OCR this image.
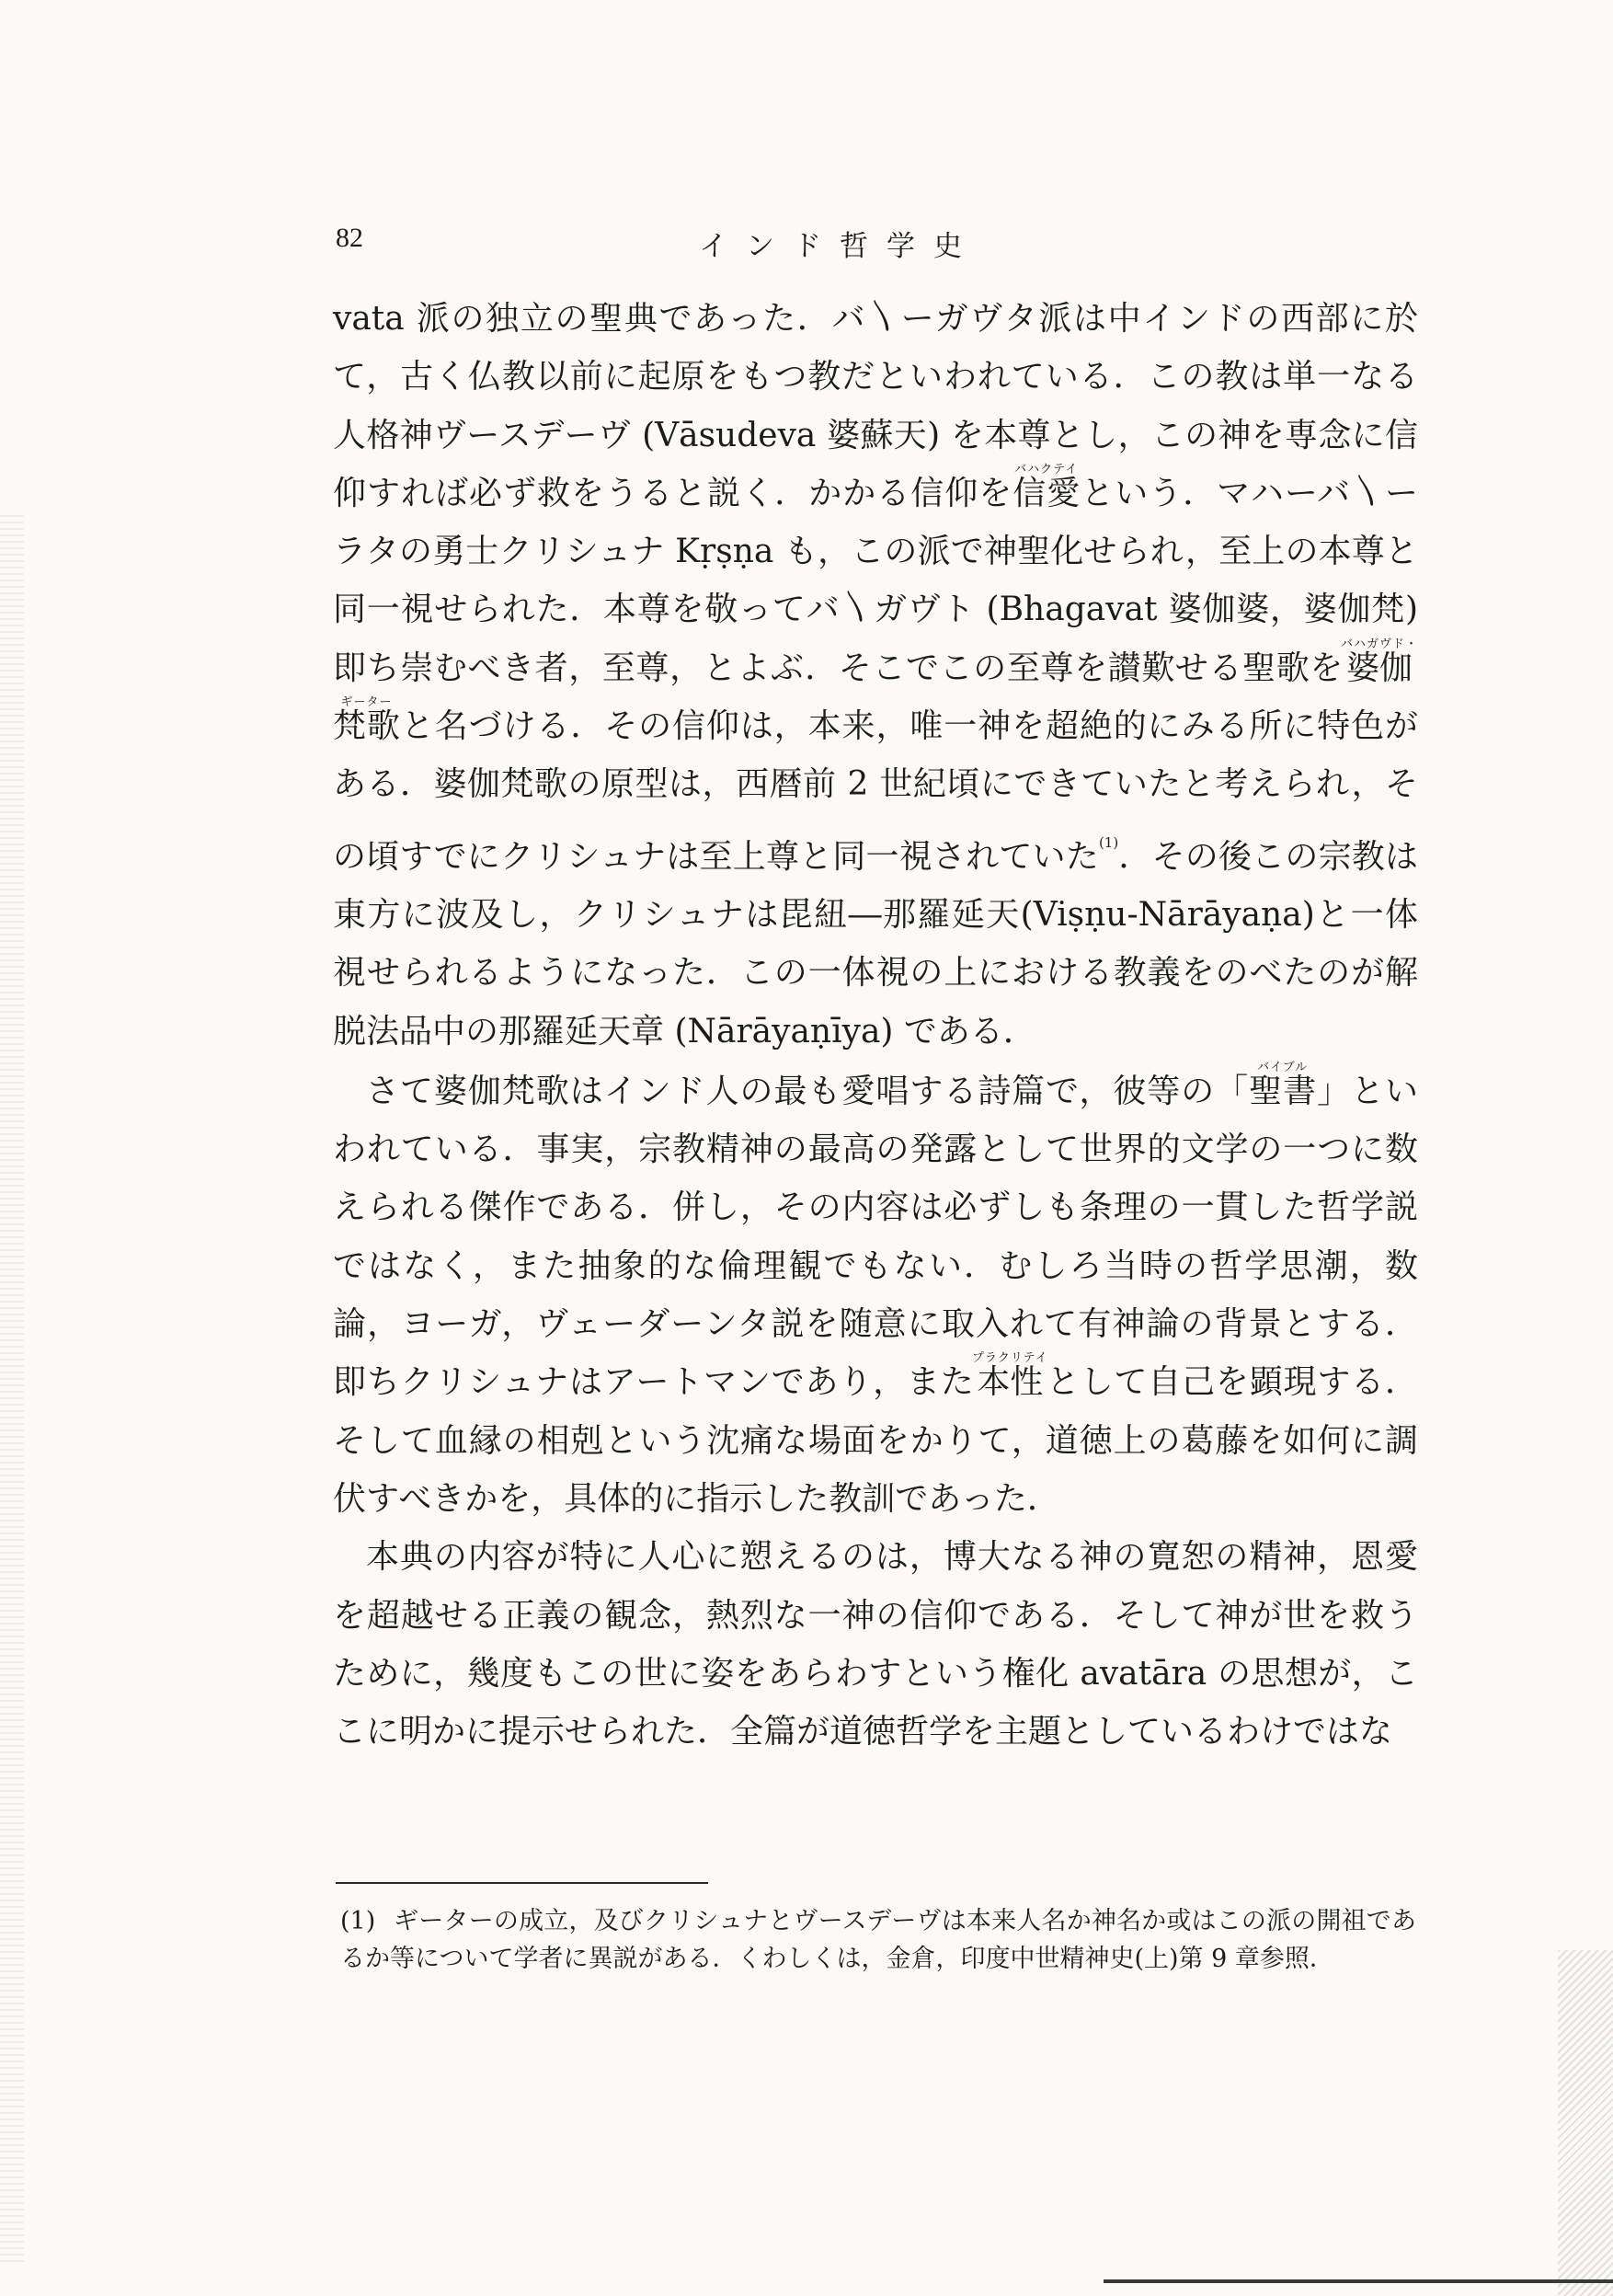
82	インド哲学史

vata 派の独立の聖典であった．バ〵ーガヴタ派は中インドの西部に於て，古く仏教以前に起原をもつ教だといわれている．この教は単一なる人格神ヴースデーヴ (Vāsudeva 婆蘇天) を本尊とし，この神を専念に信仰すれば必ず救をうると説く．かかる信仰を信愛バハクテイという．マハーバ〵ーラタの勇士クリシュナ Kṛṣṇa も，この派で神聖化せられ，至上の本尊と同一視せられた．本尊を敬ってバ〵ガヴト (Bhagavat 婆伽婆，婆伽梵) 即ち崇むべき者，至尊，とよぶ．そこでこの至尊を讃歎せる聖歌を婆伽梵歌バハガヴド・ギーターと名づける．その信仰は，本来，唯一神を超絶的にみる所に特色がある．婆伽梵歌の原型は，西暦前 2 世紀頃にできていたと考えられ，その頃すでにクリシュナは至上尊と同一視されていた$^{(1)}$．その後この宗教は東方に波及し，クリシュナは毘紐―那羅延天(Viṣṇu-Nārāyaṇa)と一体視せられるようになった．この一体視の上における教義をのべたのが解脱法品中の那羅延天章 (Nārāyaṇīya) である．

さて婆伽梵歌はインド人の最も愛唱する詩篇で，彼等の「聖書バイブル」といわれている．事実，宗教精神の最高の発露として世界的文学の一つに数えられる傑作である．併し，その内容は必ずしも条理の一貫した哲学説ではなく，また抽象的な倫理観でもない．むしろ当時の哲学思潮，数論，ヨーガ，ヴェーダーンタ説を随意に取入れて有神論の背景とする．即ちクリシュナはアートマンであり，また本性プラクリテイとして自己を顕現する．そして血縁の相剋という沈痛な場面をかりて，道徳上の葛藤を如何に調伏すべきかを，具体的に指示した教訓であった．

本典の内容が特に人心に愬えるのは，博大なる神の寛恕の精神，恩愛を超越せる正義の観念，熱烈な一神の信仰である．そして神が世を救うために，幾度もこの世に姿をあらわすという権化 avatāra の思想が，ここに明かに提示せられた．全篇が道徳哲学を主題としているわけではな

(1) ギーターの成立，及びクリシュナとヴースデーヴは本来人名か神名か或はこの派の開祖であるか等について学者に異説がある．くわしくは，金倉，印度中世精神史(上)第 9 章参照．
